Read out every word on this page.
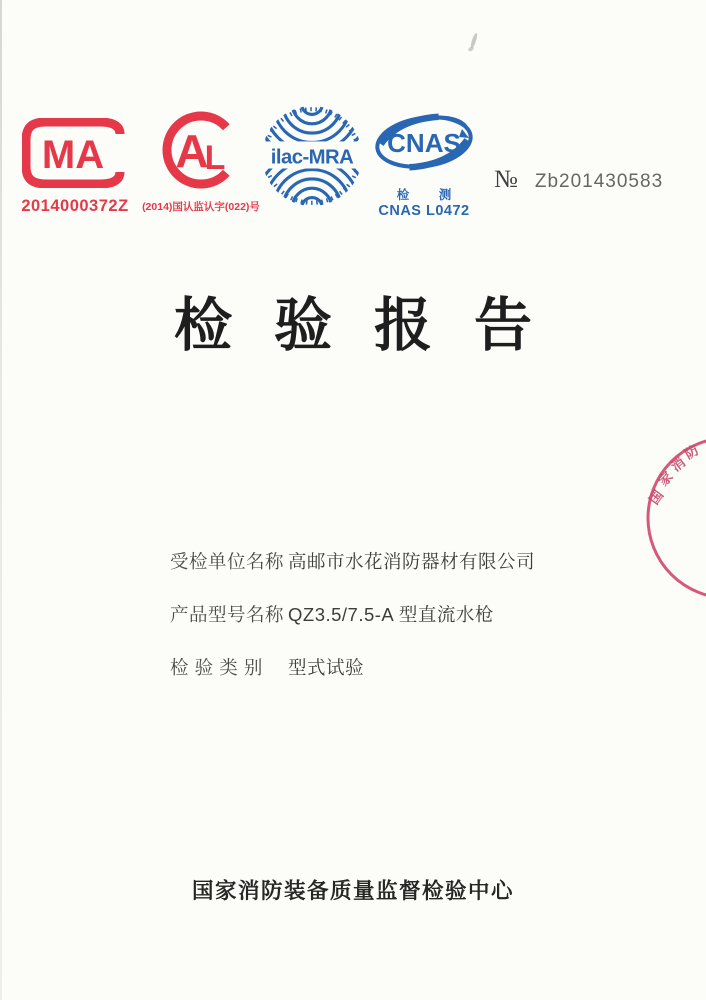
MA
2014000372Z
A
L
(2014)国认监认字(022)号
ilac-MRA CNAS
检 测
CNAS L0472
№ Zb201430583
检验报告
国
家
消
防
受检单位名称 高邮市水花消防器材有限公司
产品型号名称 QZ3.5/7.5-A 型直流水枪
检 验 类 别	型式试验
国家消防装备质量监督检验中心
